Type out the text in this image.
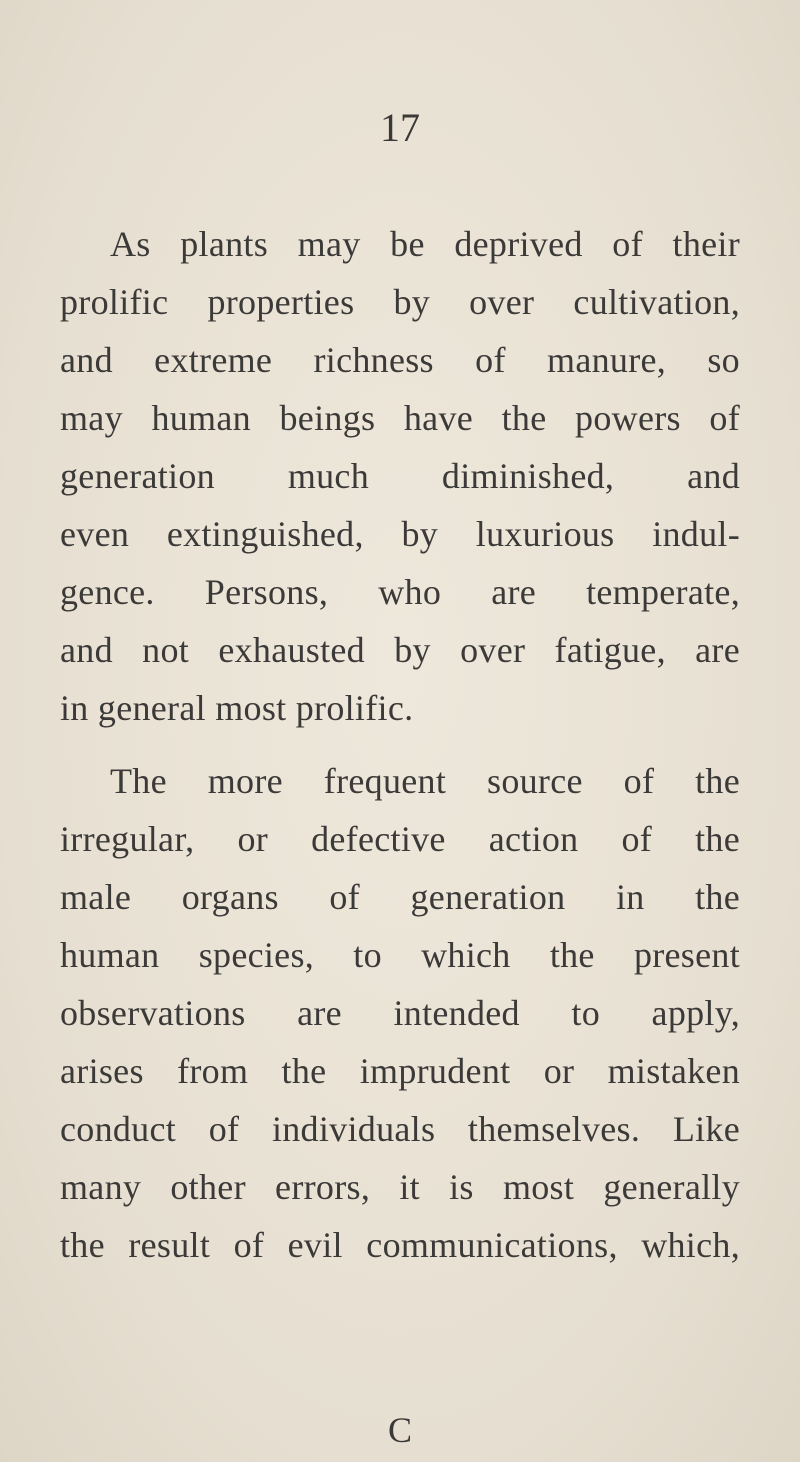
17
As plants may be deprived of their
prolific properties by over cultivation,
and extreme richness of manure, so
may human beings have the powers of
generation much diminished, and
even extinguished, by luxurious indul-
gence. Persons, who are temperate,
and not exhausted by over fatigue, are
in general most prolific.
The more frequent source of the
irregular, or defective action of the
male organs of generation in the
human species, to which the present
observations are intended to apply,
arises from the imprudent or mistaken
conduct of individuals themselves. Like
many other errors, it is most generally
the result of evil communications, which,
C
